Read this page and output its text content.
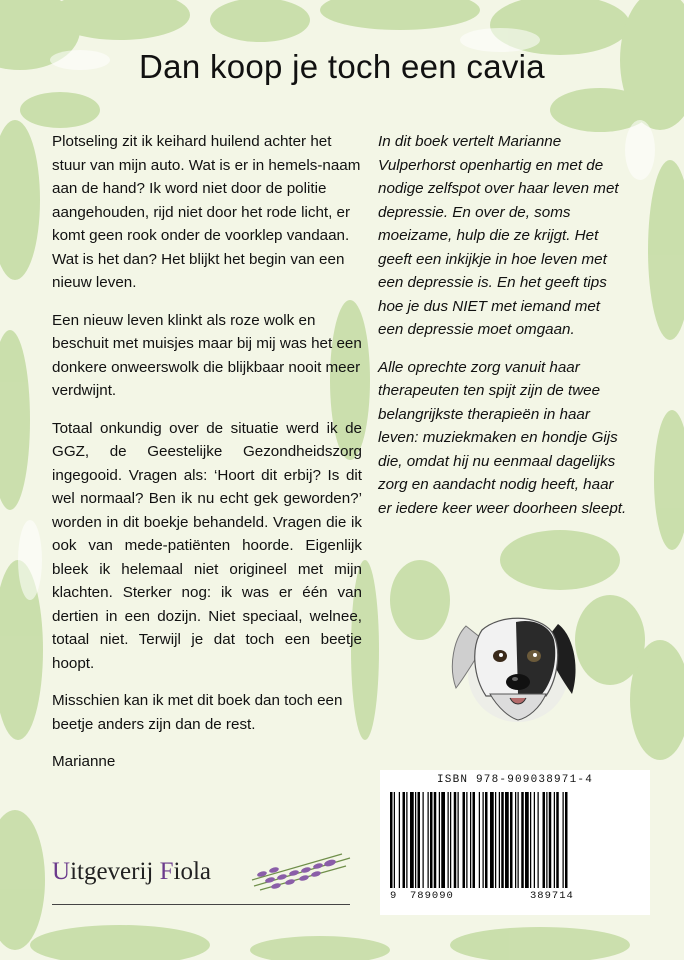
Dan koop je toch een cavia

Plotseling zit ik keihard huilend achter het stuur van mijn auto. Wat is er in hemels-naam aan de hand? Ik word niet door de politie aangehouden, rijd niet door het rode licht, er komt geen rook onder de voorklep vandaan. Wat is het dan? Het blijkt het begin van een nieuw leven.

Een nieuw leven klinkt als roze wolk en beschuit met muisjes maar bij mij was het een donkere onweerswolk die blijkbaar nooit meer verdwijnt.

Totaal onkundig over de situatie werd ik de GGZ, de Geestelijke Gezondheidszorg ingegooid. Vragen als: ‘Hoort dit erbij? Is dit wel normaal? Ben ik nu echt gek geworden?’ worden in dit boekje behandeld. Vragen die ik ook van mede-patiënten hoorde. Eigenlijk bleek ik helemaal niet origineel met mijn klachten. Sterker nog: ik was er één van dertien in een dozijn. Niet speciaal, welnee, totaal niet. Terwijl je dat toch een beetje hoopt.

Misschien kan ik met dit boek dan toch een beetje anders zijn dan de rest.

Marianne

In dit boek vertelt Marianne Vulperhorst openhartig en met de nodige zelfspot over haar leven met depressie. En over de, soms moeizame, hulp die ze krijgt. Het geeft een inkijkje in hoe leven met een depressie is. En het geeft tips hoe je dus NIET met iemand met een depressie moet omgaan.

Alle oprechte zorg vanuit haar therapeuten ten spijt zijn de twee belangrijkste therapieën in haar leven: muziekmaken en hondje Gijs die, omdat hij nu eenmaal dagelijks zorg en aandacht nodig heeft, haar er iedere keer weer doorheen sleept.

ISBN 978-909038971-4
9 789090	389714
Uitgeverij Fiola
